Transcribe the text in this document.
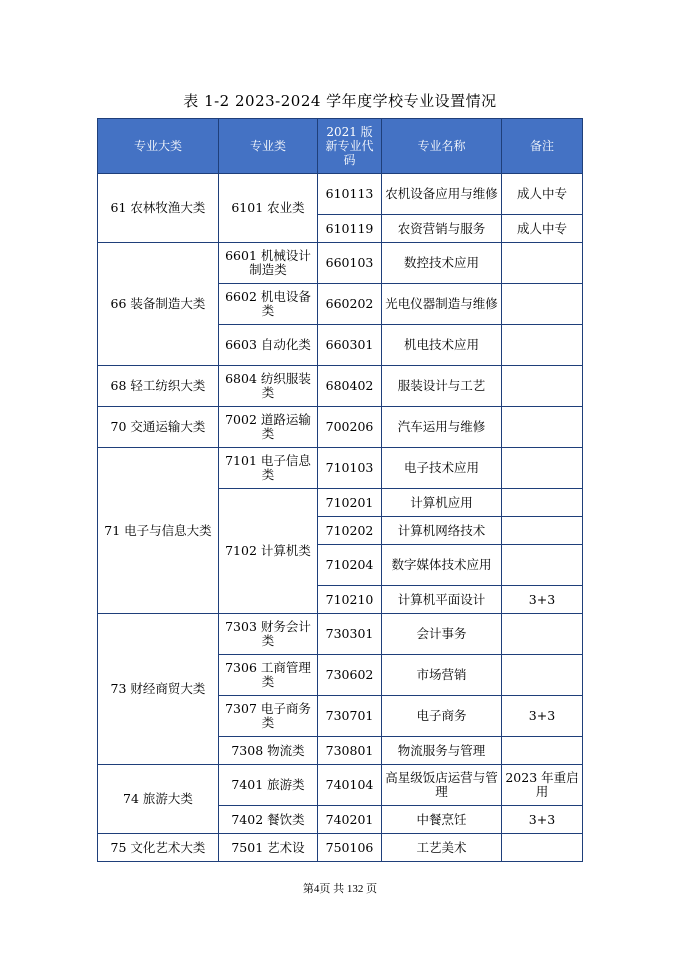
表 1-2 2023-2024 学年度学校专业设置情况
专业大类	专业类	2021 版新专业代码	专业名称	备注
61 农林牧渔大类	6101 农业类	610113	农机设备应用与维修	成人中专
		610119	农资营销与服务	成人中专
66 装备制造大类	6601 机械设计制造类	660103	数控技术应用	
	6602 机电设备类	660202	光电仪器制造与维修	
	6603 自动化类	660301	机电技术应用	
68 轻工纺织大类	6804 纺织服装类	680402	服装设计与工艺	
70 交通运输大类	7002 道路运输类	700206	汽车运用与维修	
71 电子与信息大类	7101 电子信息类	710103	电子技术应用	
	7102 计算机类	710201	计算机应用	
		710202	计算机网络技术	
		710204	数字媒体技术应用	
		710210	计算机平面设计	3+3
73 财经商贸大类	7303 财务会计类	730301	会计事务	
	7306 工商管理类	730602	市场营销	
	7307 电子商务类	730701	电子商务	3+3
	7308 物流类	730801	物流服务与管理	
74 旅游大类	7401 旅游类	740104	高星级饭店运营与管理	2023 年重启用
	7402 餐饮类	740201	中餐烹饪	3+3
75 文化艺术大类	7501 艺术设	750106	工艺美术	
第4页 共 132 页
